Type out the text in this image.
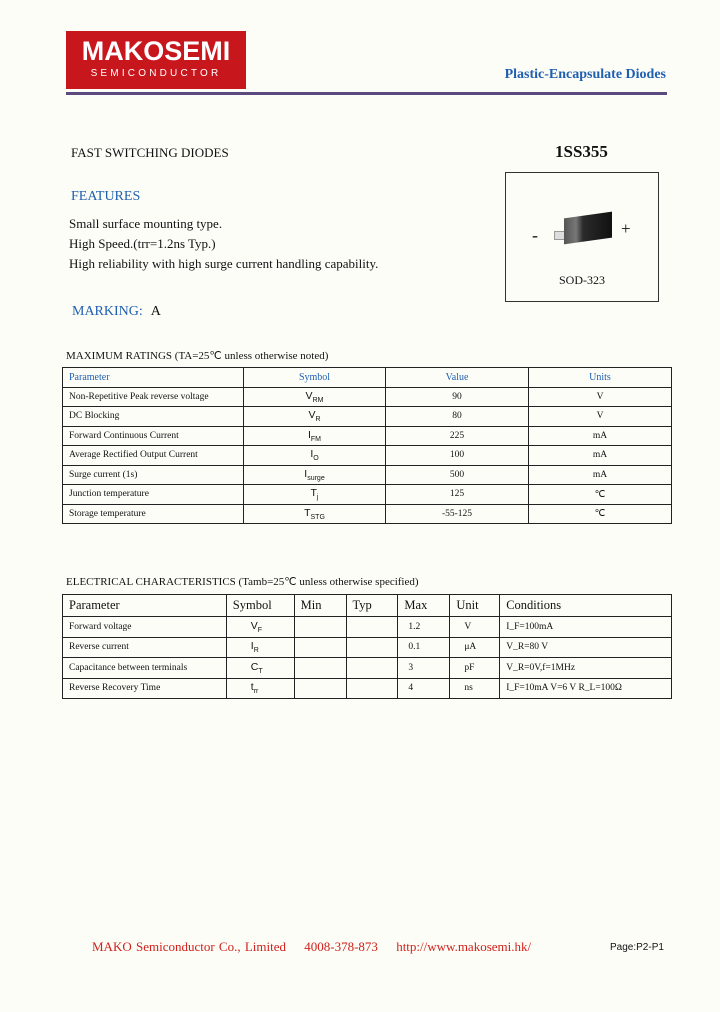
MAKOSEMI
SEMICONDUCTOR	Plastic-Encapsulate Diodes
FAST SWITCHING DIODES	1SS355
FEATURES
Small surface mounting type.
High Speed.(trr=1.2ns Typ.)
High reliability with high surge current handling capability.
MARKING: A
-	+
SOD-323
MAXIMUM RATINGS (TA=25℃ unless otherwise noted)
Parameter	Symbol	Value	Units
Non-Repetitive Peak reverse voltage	$V_{RM}$	90	V
DC Blocking	$V_R$	80	V
Forward Continuous Current	$I_{FM}$	225	mA
Average Rectified Output Current	$I_O$	100	mA
Surge current (1s)	$I_{surge}$	500	mA
Junction temperature	$T_j$	125	℃
Storage temperature	$T_{STG}$	-55-125	℃
ELECTRICAL CHARACTERISTICS (Tamb=25℃ unless otherwise specified)
Parameter	Symbol	Min	Typ	Max	Unit	Conditions
Forward voltage	$V_F$			1.2	V	I_F=100mA
Reverse current	$I_R$			0.1	μA	V_R=80 V
Capacitance between terminals	$C_T$			3	pF	V_R=0V,f=1MHz
Reverse Recovery Time	$t_{rr}$			4	ns	I_F=10mA V=6 V R_L=100Ω
MAKO Semiconductor Co., Limited 4008-378-873 http://www.makosemi.hk/	Page:P2-P1
